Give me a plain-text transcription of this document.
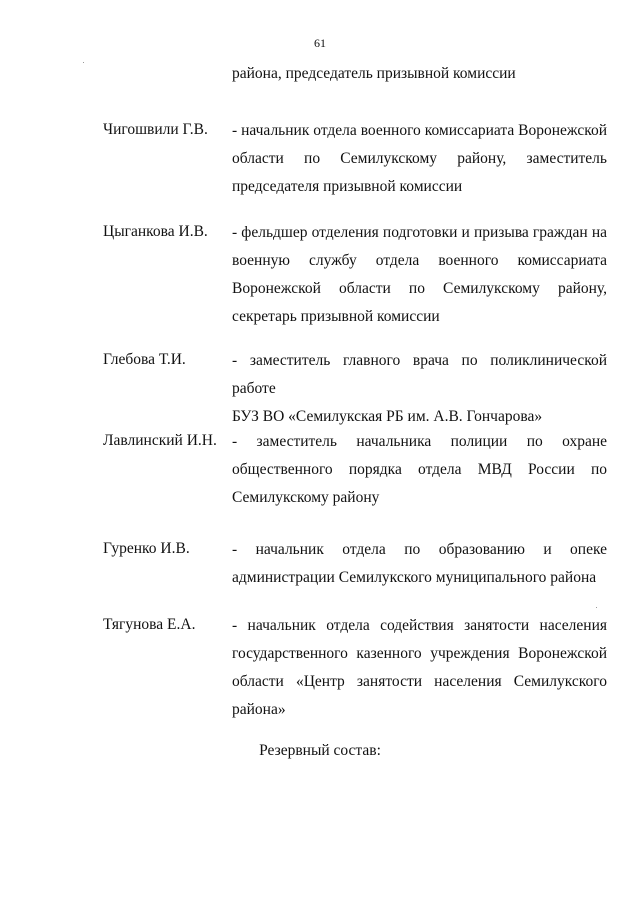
61
района, председатель призывной комиссии
Чигошвили Г.В. - начальник отдела военного комиссариата Воронежской
области по Семилукскому району, заместитель
председателя призывной комиссии
Цыганкова И.В. - фельдшер отделения подготовки и призыва граждан на
военную службу отдела военного комиссариата
Воронежской области по Семилукскому району,
секретарь призывной комиссии
Глебова Т.И.	- заместитель главного врача по поликлинической работе
БУЗ ВО «Семилукская РБ им. А.В. Гончарова»
Лавлинский И.Н. - заместитель начальника полиции по охране
общественного порядка отдела МВД России по
Семилукскому району
Гуренко И.В.	- начальник отдела по образованию и опеке
администрации Семилукского муниципального района
Тягунова Е.А. - начальник отдела содействия занятости населения
государственного казенного учреждения Воронежской
области «Центр занятости населения Семилукского
района»
Резервный состав:
